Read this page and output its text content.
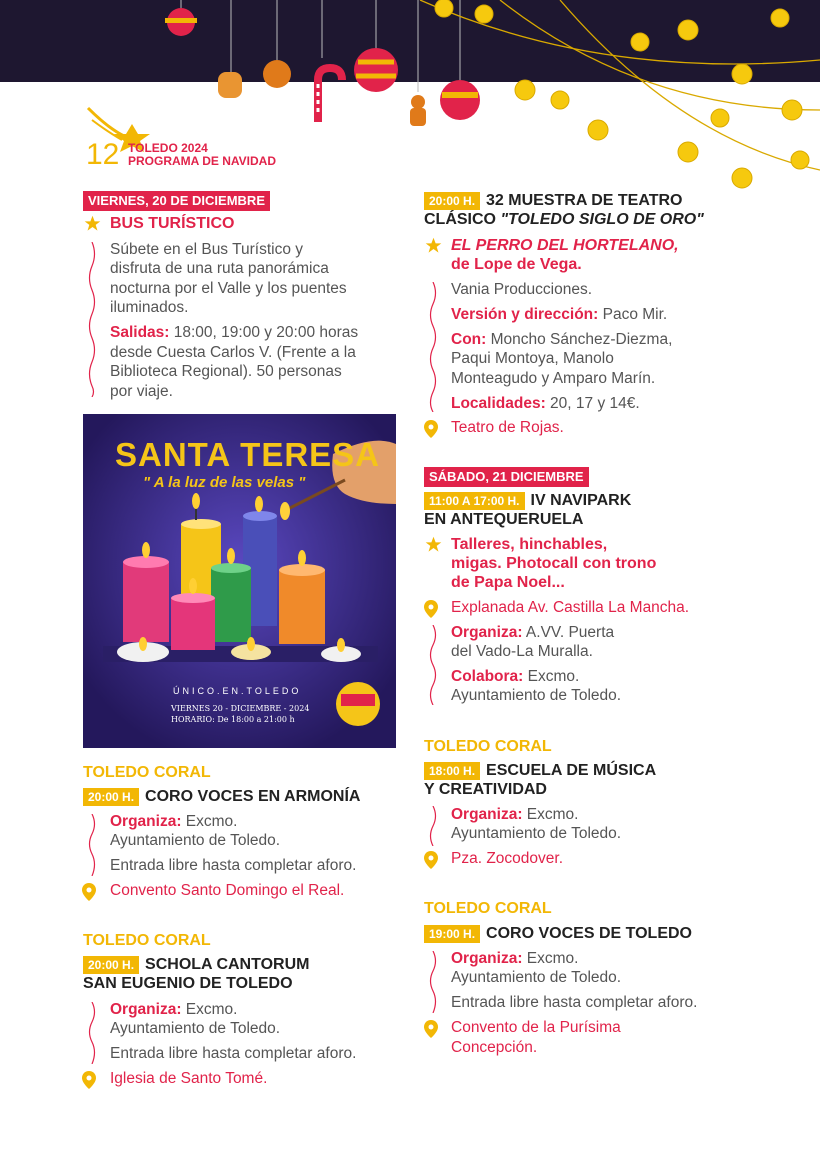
12 TOLEDO 2024
PROGRAMA DE NAVIDAD
VIERNES, 20 DE DICIEMBRE
BUS TURÍSTICO
Súbete en el Bus Turístico y
disfruta de una ruta panorámica
nocturna por el Valle y los puentes
iluminados.
Salidas: 18:00, 19:00 y 20:00 horas
desde Cuesta Carlos V. (Frente a la
Biblioteca Regional). 50 personas
por viaje.
SANTA TERESA
" A la luz de las velas "
ÚNICO.EN.TOLEDO
VIERNES 20 - DICIEMBRE - 2024
HORARIO: De 18:00 a 21:00 h
TOLEDO CORAL
20:00 H. CORO VOCES EN ARMONÍA
Organiza: Excmo.
Ayuntamiento de Toledo.
Entrada libre hasta completar aforo.
Convento Santo Domingo el Real.
TOLEDO CORAL
20:00 H. SCHOLA CANTORUM
SAN EUGENIO DE TOLEDO
Organiza: Excmo.
Ayuntamiento de Toledo.
Entrada libre hasta completar aforo.
Iglesia de Santo Tomé.
20:00 H. 32 MUESTRA DE TEATRO
CLÁSICO "TOLEDO SIGLO DE ORO"
EL PERRO DEL HORTELANO,
de Lope de Vega.
Vania Producciones.
Versión y dirección: Paco Mir.
Con: Moncho Sánchez-Diezma,
Paqui Montoya, Manolo
Monteagudo y Amparo Marín.
Localidades: 20, 17 y 14€.
Teatro de Rojas.
SÁBADO, 21 DICIEMBRE
11:00 A 17:00 H. IV NAVIPARK
EN ANTEQUERUELA
Talleres, hinchables,
migas. Photocall con trono
de Papa Noel...
Explanada Av. Castilla La Mancha.
Organiza: A.VV. Puerta
del Vado-La Muralla.
Colabora: Excmo.
Ayuntamiento de Toledo.
TOLEDO CORAL
18:00 H. ESCUELA DE MÚSICA
Y CREATIVIDAD
Organiza: Excmo.
Ayuntamiento de Toledo.
Pza. Zocodover.
TOLEDO CORAL
19:00 H. CORO VOCES DE TOLEDO
Organiza: Excmo.
Ayuntamiento de Toledo.
Entrada libre hasta completar aforo.
Convento de la Purísima
Concepción.
